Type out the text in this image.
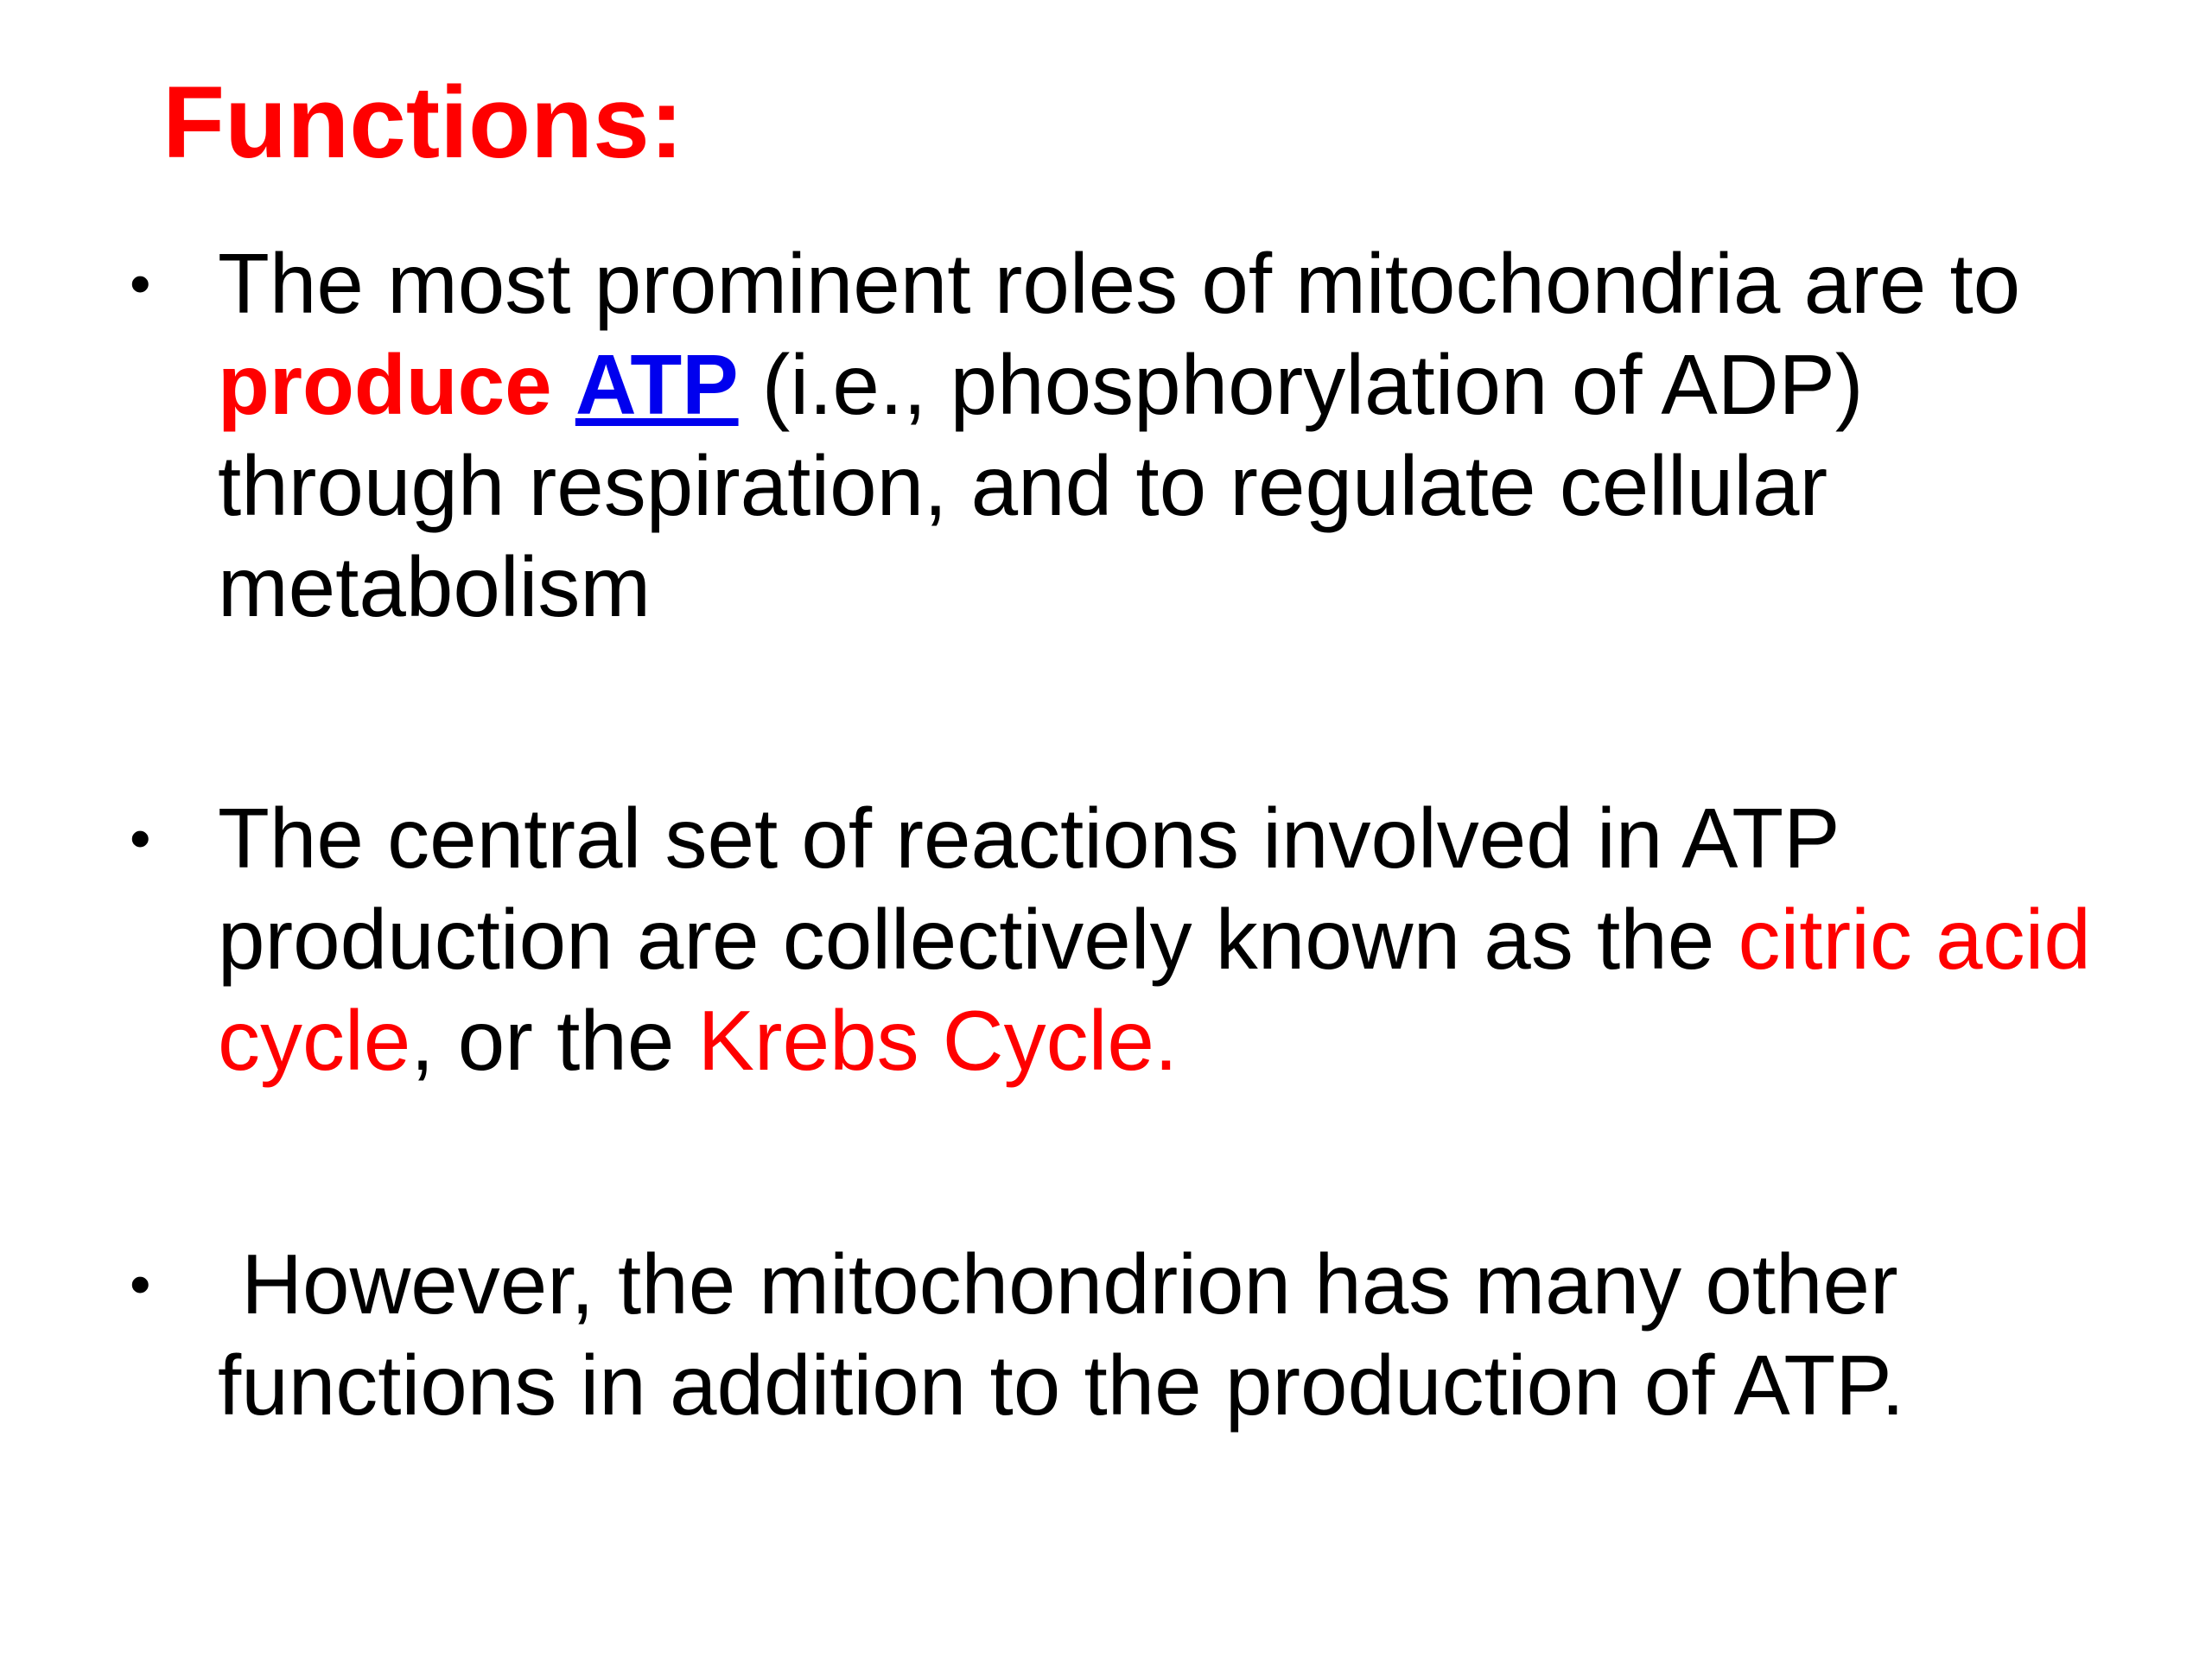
Functions:
• The most prominent roles of mitochondria are to produce ATP (i.e., phosphorylation of ADP) through respiration, and to regulate cellular metabolism
• The central set of reactions involved in ATP production are collectively known as the citric acid cycle, or the Krebs Cycle.
• However, the mitochondrion has many other functions in addition to the production of ATP.
